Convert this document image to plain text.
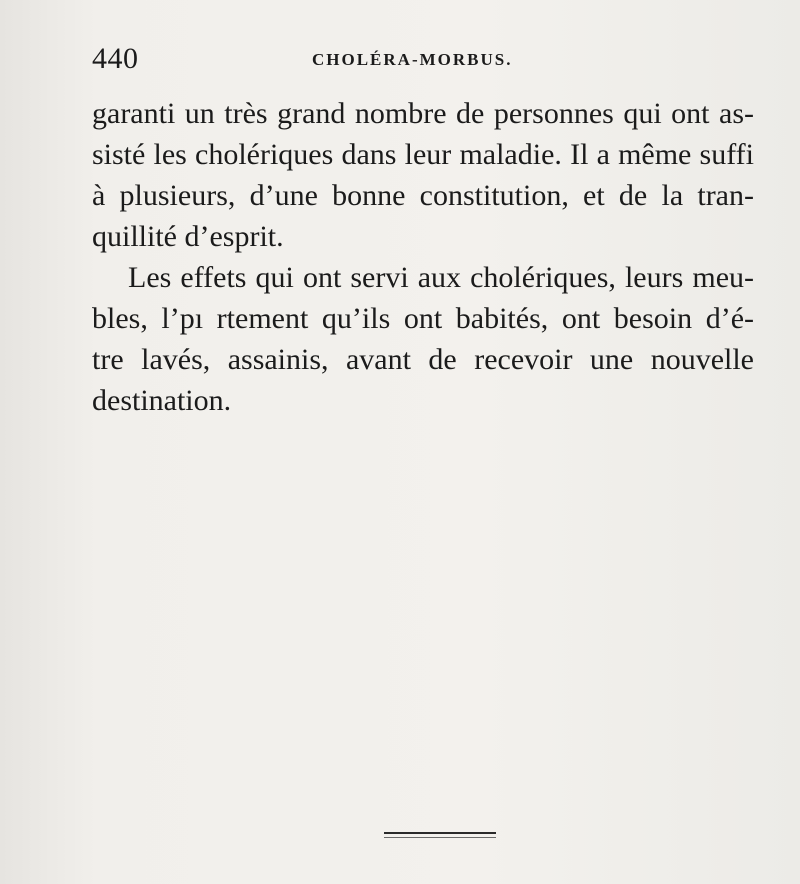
440	CHOLÉRA-MORBUS.
garanti un très grand nombre de personnes qui ont as-
sisté les cholériques dans leur maladie. Il a même suffi
à plusieurs, d’une bonne constitution, et de la tran-
quillité d’esprit.
Les effets qui ont servi aux cholériques, leurs meu-
bles, l’pı rtement qu’ils ont babités, ont besoin d’é-
tre lavés, assainis, avant de recevoir une nouvelle
destination.
